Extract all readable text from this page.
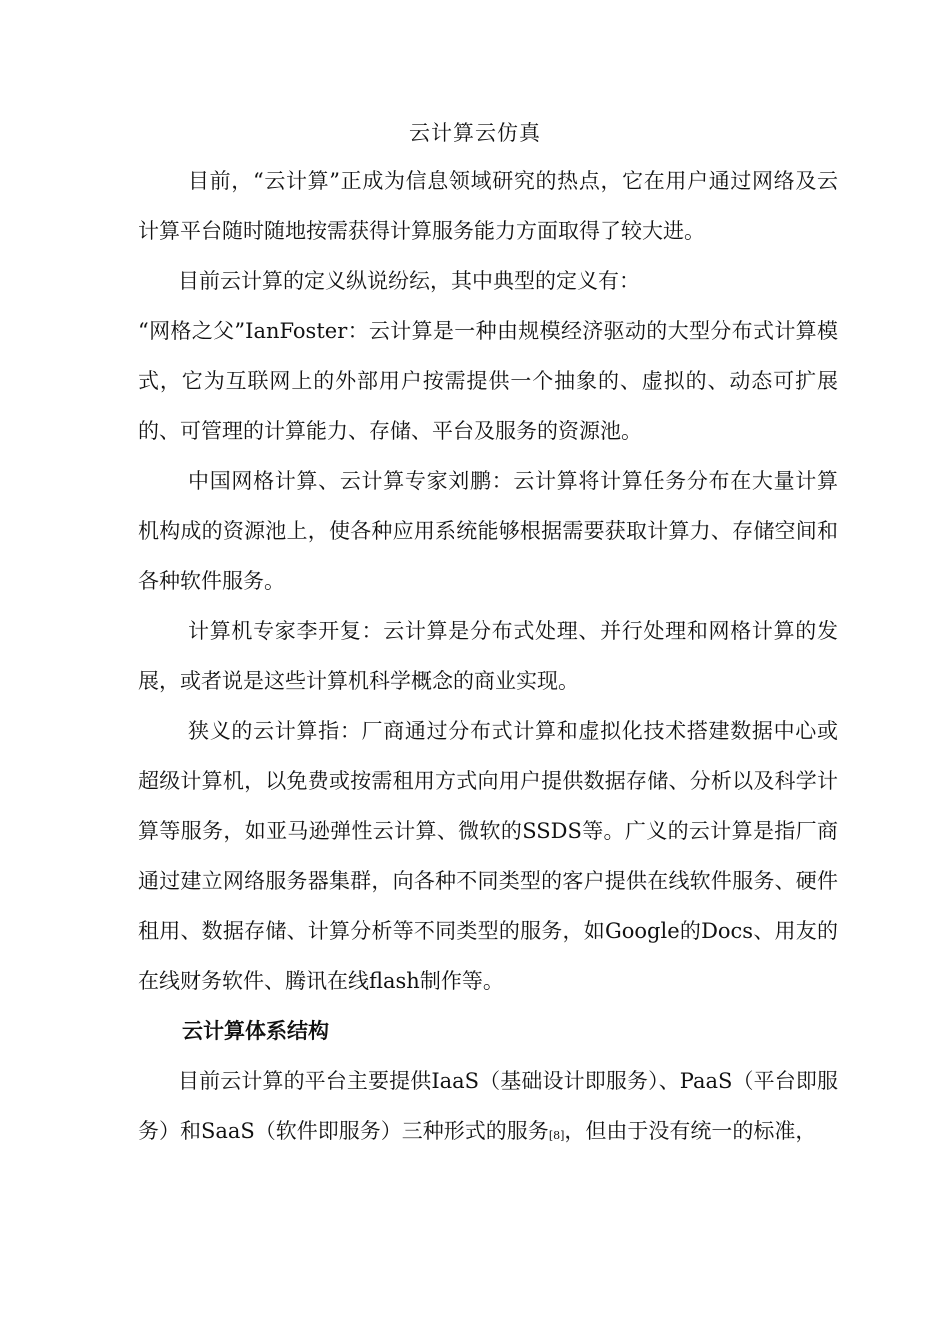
云计算云仿真

目前，“云计算”正成为信息领域研究的热点，它在用户通过网络及云计算平台随时随地按需获得计算服务能力方面取得了较大进。

目前云计算的定义纵说纷纭，其中典型的定义有：

“网格之父”IanFoster：云计算是一种由规模经济驱动的大型分布式计算模式，它为互联网上的外部用户按需提供一个抽象的、虚拟的、动态可扩展的、可管理的计算能力、存储、平台及服务的资源池。

中国网格计算、云计算专家刘鹏：云计算将计算任务分布在大量计算机构成的资源池上，使各种应用系统能够根据需要获取计算力、存储空间和各种软件服务。

计算机专家李开复：云计算是分布式处理、并行处理和网格计算的发展，或者说是这些计算机科学概念的商业实现。

狭义的云计算指：厂商通过分布式计算和虚拟化技术搭建数据中心或超级计算机，以免费或按需租用方式向用户提供数据存储、分析以及科学计算等服务，如亚马逊弹性云计算、微软的SSDS等。广义的云计算是指厂商通过建立网络服务器集群，向各种不同类型的客户提供在线软件服务、硬件租用、数据存储、计算分析等不同类型的服务，如Google的Docs、用友的在线财务软件、腾讯在线flash制作等。

云计算体系结构

目前云计算的平台主要提供IaaS（基础设计即服务）、PaaS（平台即服务）和SaaS（软件即服务）三种形式的服务[8]，但由于没有统一的标准，
